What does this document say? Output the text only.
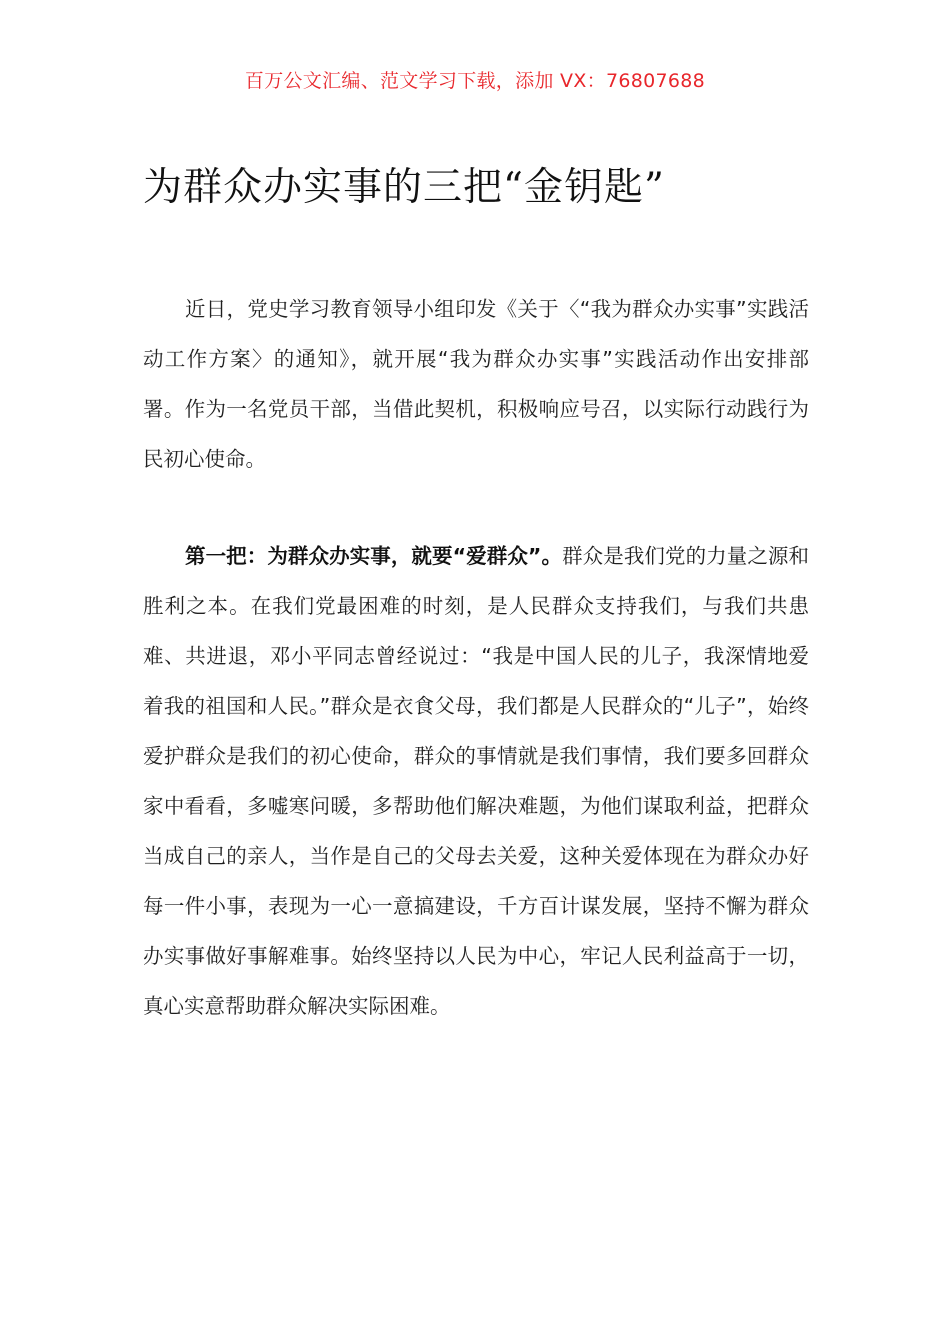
百万公文汇编、范文学习下载，添加 VX：76807688
为群众办实事的三把“金钥匙”

近日，党史学习教育领导小组印发《关于〈“我为群众办实事”实践活动工作方案〉的通知》，就开展“我为群众办实事”实践活动作出安排部署。作为一名党员干部，当借此契机，积极响应号召，以实际行动践行为民初心使命。

第一把：为群众办实事，就要“爱群众”。群众是我们党的力量之源和胜利之本。在我们党最困难的时刻，是人民群众支持我们，与我们共患难、共进退，邓小平同志曾经说过：“我是中国人民的儿子，我深情地爱着我的祖国和人民。”群众是衣食父母，我们都是人民群众的“儿子”，始终爱护群众是我们的初心使命，群众的事情就是我们事情，我们要多回群众家中看看，多嘘寒问暖，多帮助他们解决难题，为他们谋取利益，把群众当成自己的亲人，当作是自己的父母去关爱，这种关爱体现在为群众办好每一件小事，表现为一心一意搞建设，千方百计谋发展，坚持不懈为群众办实事做好事解难事。始终坚持以人民为中心，牢记人民利益高于一切，真心实意帮助群众解决实际困难。
